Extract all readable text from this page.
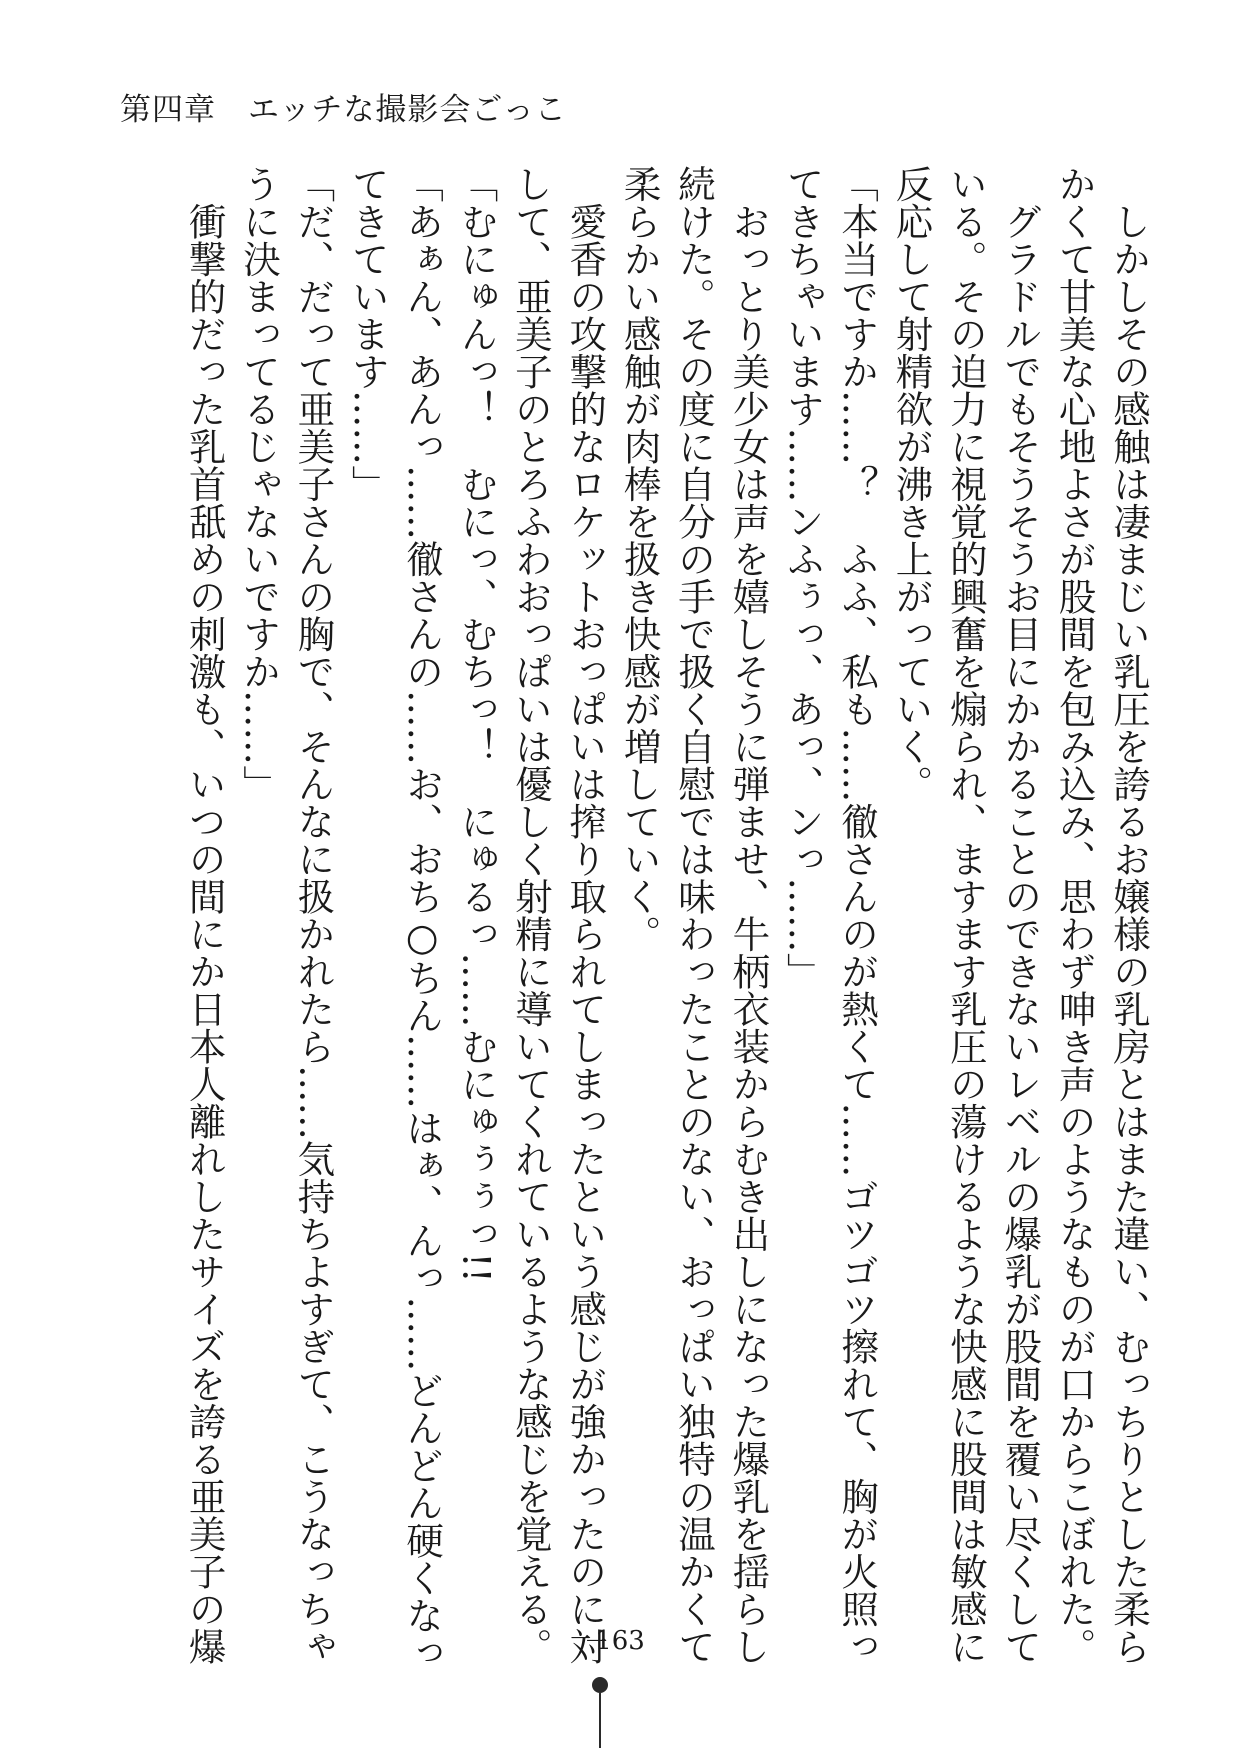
第四章　エッチな撮影会ごっこ
　しかしその感触は凄まじい乳圧を誇るお嬢様の乳房とはまた違い、むっちりとした柔ら
かくて甘美な心地よさが股間を包み込み、思わず呻き声のようなものが口からこぼれた。
　グラドルでもそうそうお目にかかることのできないレベルの爆乳が股間を覆い尽くして
いる。その迫力に視覚的興奮を煽られ、ますます乳圧の蕩けるような快感に股間は敏感に
反応して射精欲が沸き上がっていく。
「本当ですか……？　ふふ、私も……徹さんのが熱くて……ゴツゴツ擦れて、胸が火照っ
てきちゃいます……ンふぅっ、あっ、ンっ……」
　おっとり美少女は声を嬉しそうに弾ませ、牛柄衣装からむき出しになった爆乳を揺らし
続けた。その度に自分の手で扱く自慰では味わったことのない、おっぱい独特の温かくて
柔らかい感触が肉棒を扱き快感が増していく。
　愛香の攻撃的なロケットおっぱいは搾り取られてしまったという感じが強かったのに対
して、亜美子のとろふわおっぱいは優しく射精に導いてくれているような感じを覚える。
「むにゅんっ！　むにっ、むちっ！　にゅるっ……むにゅぅぅっ!!
「あぁん、あんっ……徹さんの……お、おち○ちん……はぁ、んっ……どんどん硬くなっ
てきています……」
「だ、だって亜美子さんの胸で、そんなに扱かれたら……気持ちよすぎて、こうなっちゃ
うに決まってるじゃないですか……」
　衝撃的だった乳首舐めの刺激も、いつの間にか日本人離れしたサイズを誇る亜美子の爆	163
